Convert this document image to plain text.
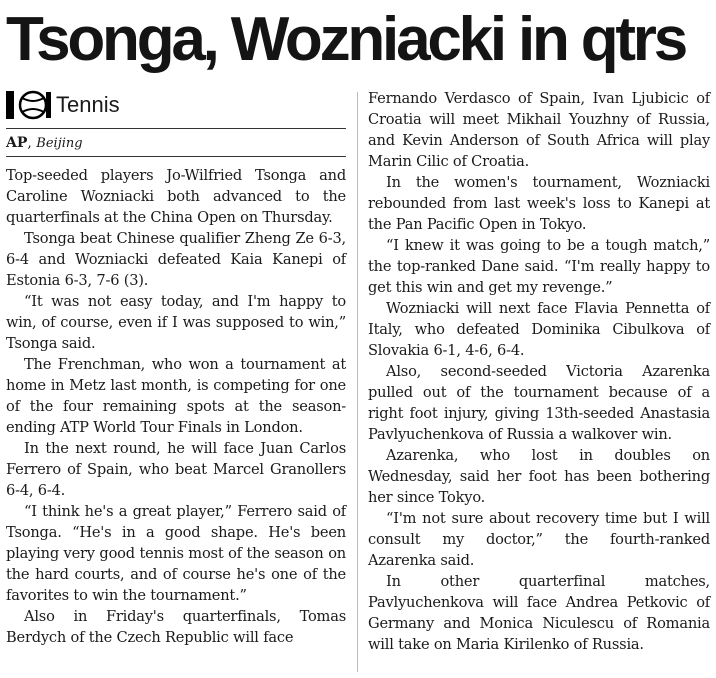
Tsonga, Wozniacki in qtrs
Tennis
AP, Beijing

Top-seeded players Jo-Wilfried Tsonga and Caroline Wozniacki both advanced to the quarterfinals at the China Open on Thursday.

Tsonga beat Chinese qualifier Zheng Ze 6-3, 6-4 and Wozniacki defeated Kaia Kanepi of Estonia 6-3, 7-6 (3).

“It was not easy today, and I'm happy to win, of course, even if I was supposed to win,” Tsonga said.

The Frenchman, who won a tournament at home in Metz last month, is competing for one of the four remaining spots at the season-ending ATP World Tour Finals in London.

In the next round, he will face Juan Carlos Ferrero of Spain, who beat Marcel Granollers 6-4, 6-4.

“I think he's a great player,” Ferrero said of Tsonga. “He's in a good shape. He's been playing very good tennis most of the season on the hard courts, and of course he's one of the favorites to win the tournament.”

Also in Friday's quarterfinals, Tomas Berdych of the Czech Republic will face

Fernando Verdasco of Spain, Ivan Ljubicic of Croatia will meet Mikhail Youzhny of Russia, and Kevin Anderson of South Africa will play Marin Cilic of Croatia.

In the women's tournament, Wozniacki rebounded from last week's loss to Kanepi at the Pan Pacific Open in Tokyo.

“I knew it was going to be a tough match,” the top-ranked Dane said. “I'm really happy to get this win and get my revenge.”

Wozniacki will next face Flavia Pennetta of Italy, who defeated Dominika Cibulkova of Slovakia 6-1, 4-6, 6-4.

Also, second-seeded Victoria Azarenka pulled out of the tournament because of a right foot injury, giving 13th-seeded Anastasia Pavlyuchenkova of Russia a walkover win.

Azarenka, who lost in doubles on Wednesday, said her foot has been bothering her since Tokyo.

“I'm not sure about recovery time but I will consult my doctor,” the fourth-ranked Azarenka said.

In other quarterfinal matches, Pavlyuchenkova will face Andrea Petkovic of Germany and Monica Niculescu of Romania will take on Maria Kirilenko of Russia.
